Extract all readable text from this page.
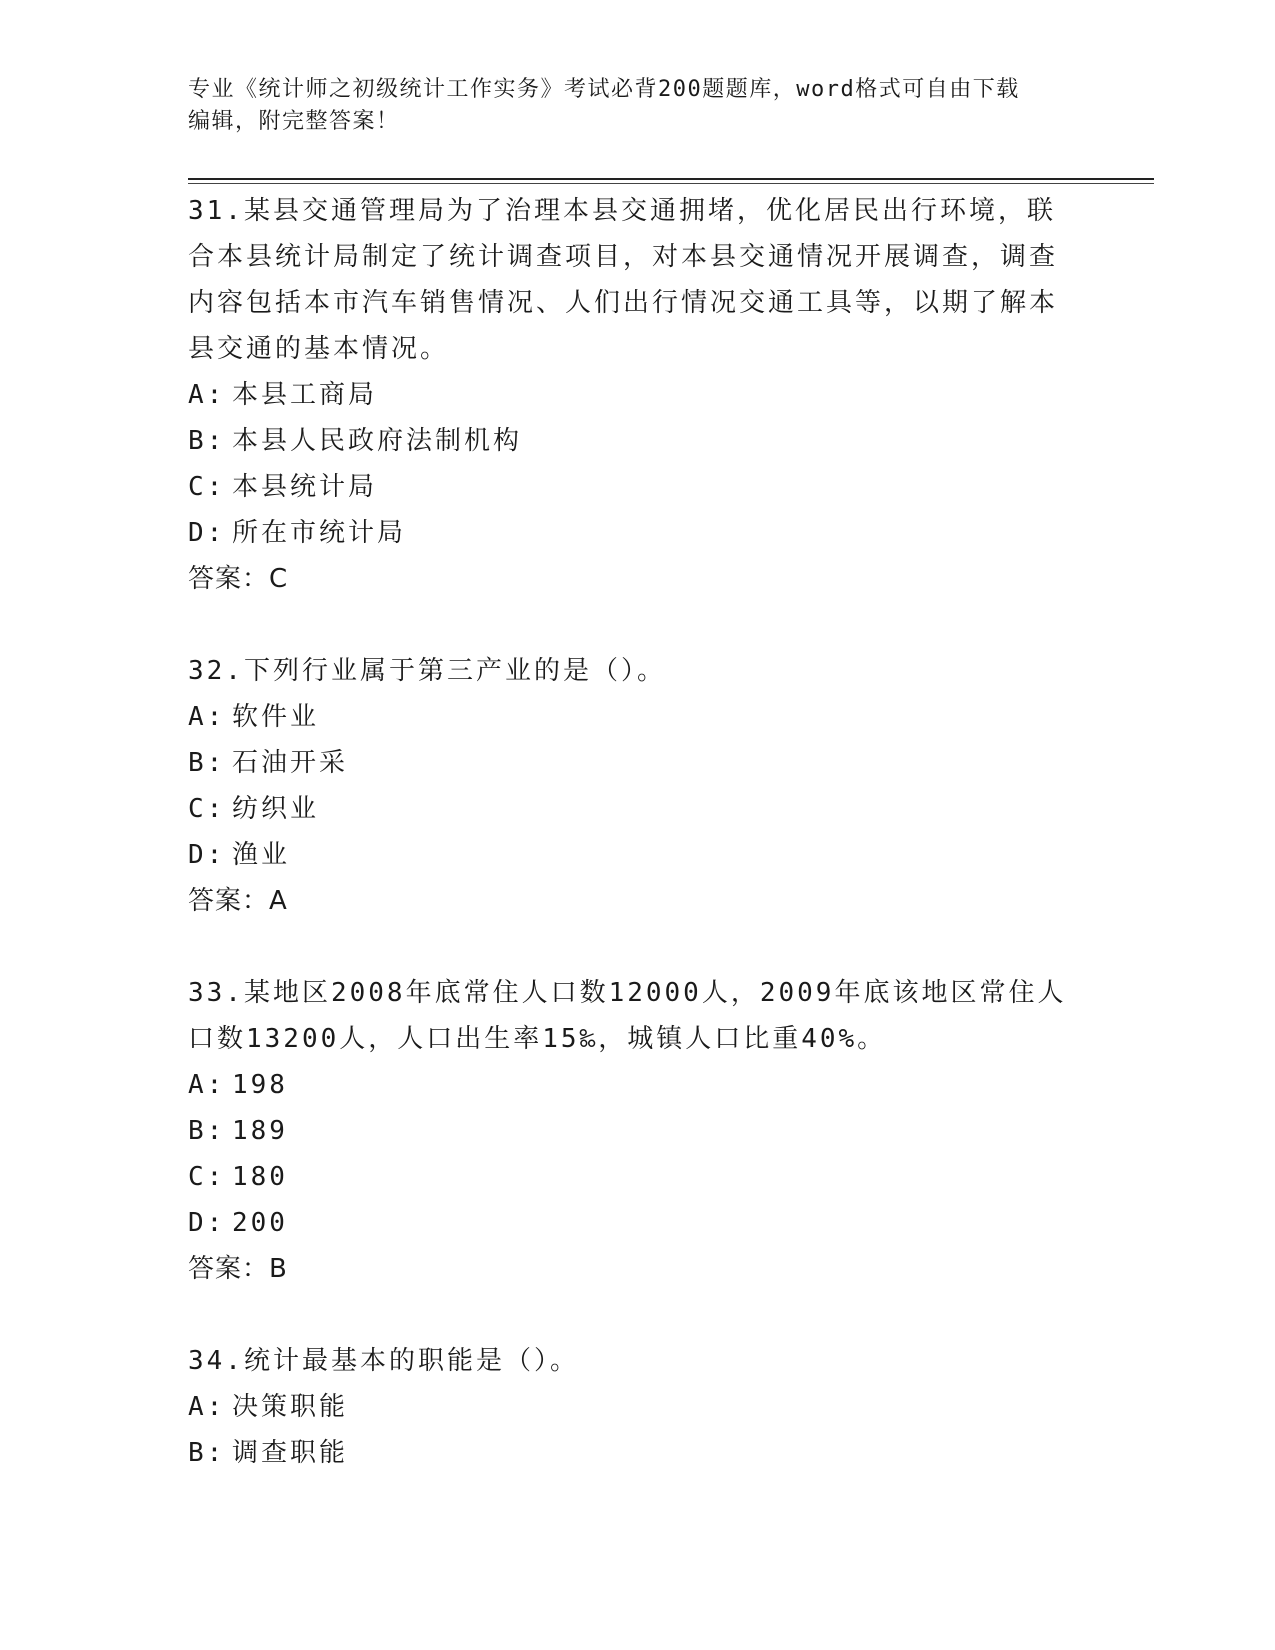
专业《统计师之初级统计工作实务》考试必背200题题库，word格式可自由下载
编辑，附完整答案！

31.某县交通管理局为了治理本县交通拥堵，优化居民出行环境，联合本县统计局制定了统计调查项目，对本县交通情况开展调查，调查内容包括本市汽车销售情况、人们出行情况交通工具等，以期了解本县交通的基本情况。

A: 本县工商局

B: 本县人民政府法制机构

C: 本县统计局

D: 所在市统计局

答案：C

32.下列行业属于第三产业的是（）。

A: 软件业

B: 石油开采

C: 纺织业

D: 渔业

答案：A

33.某地区2008年底常住人口数12000人，2009年底该地区常住人口数13200人，人口出生率15‰，城镇人口比重40%。

A: 198

B: 189

C: 180

D: 200

答案：B

34.统计最基本的职能是（）。

A: 决策职能

B: 调查职能
